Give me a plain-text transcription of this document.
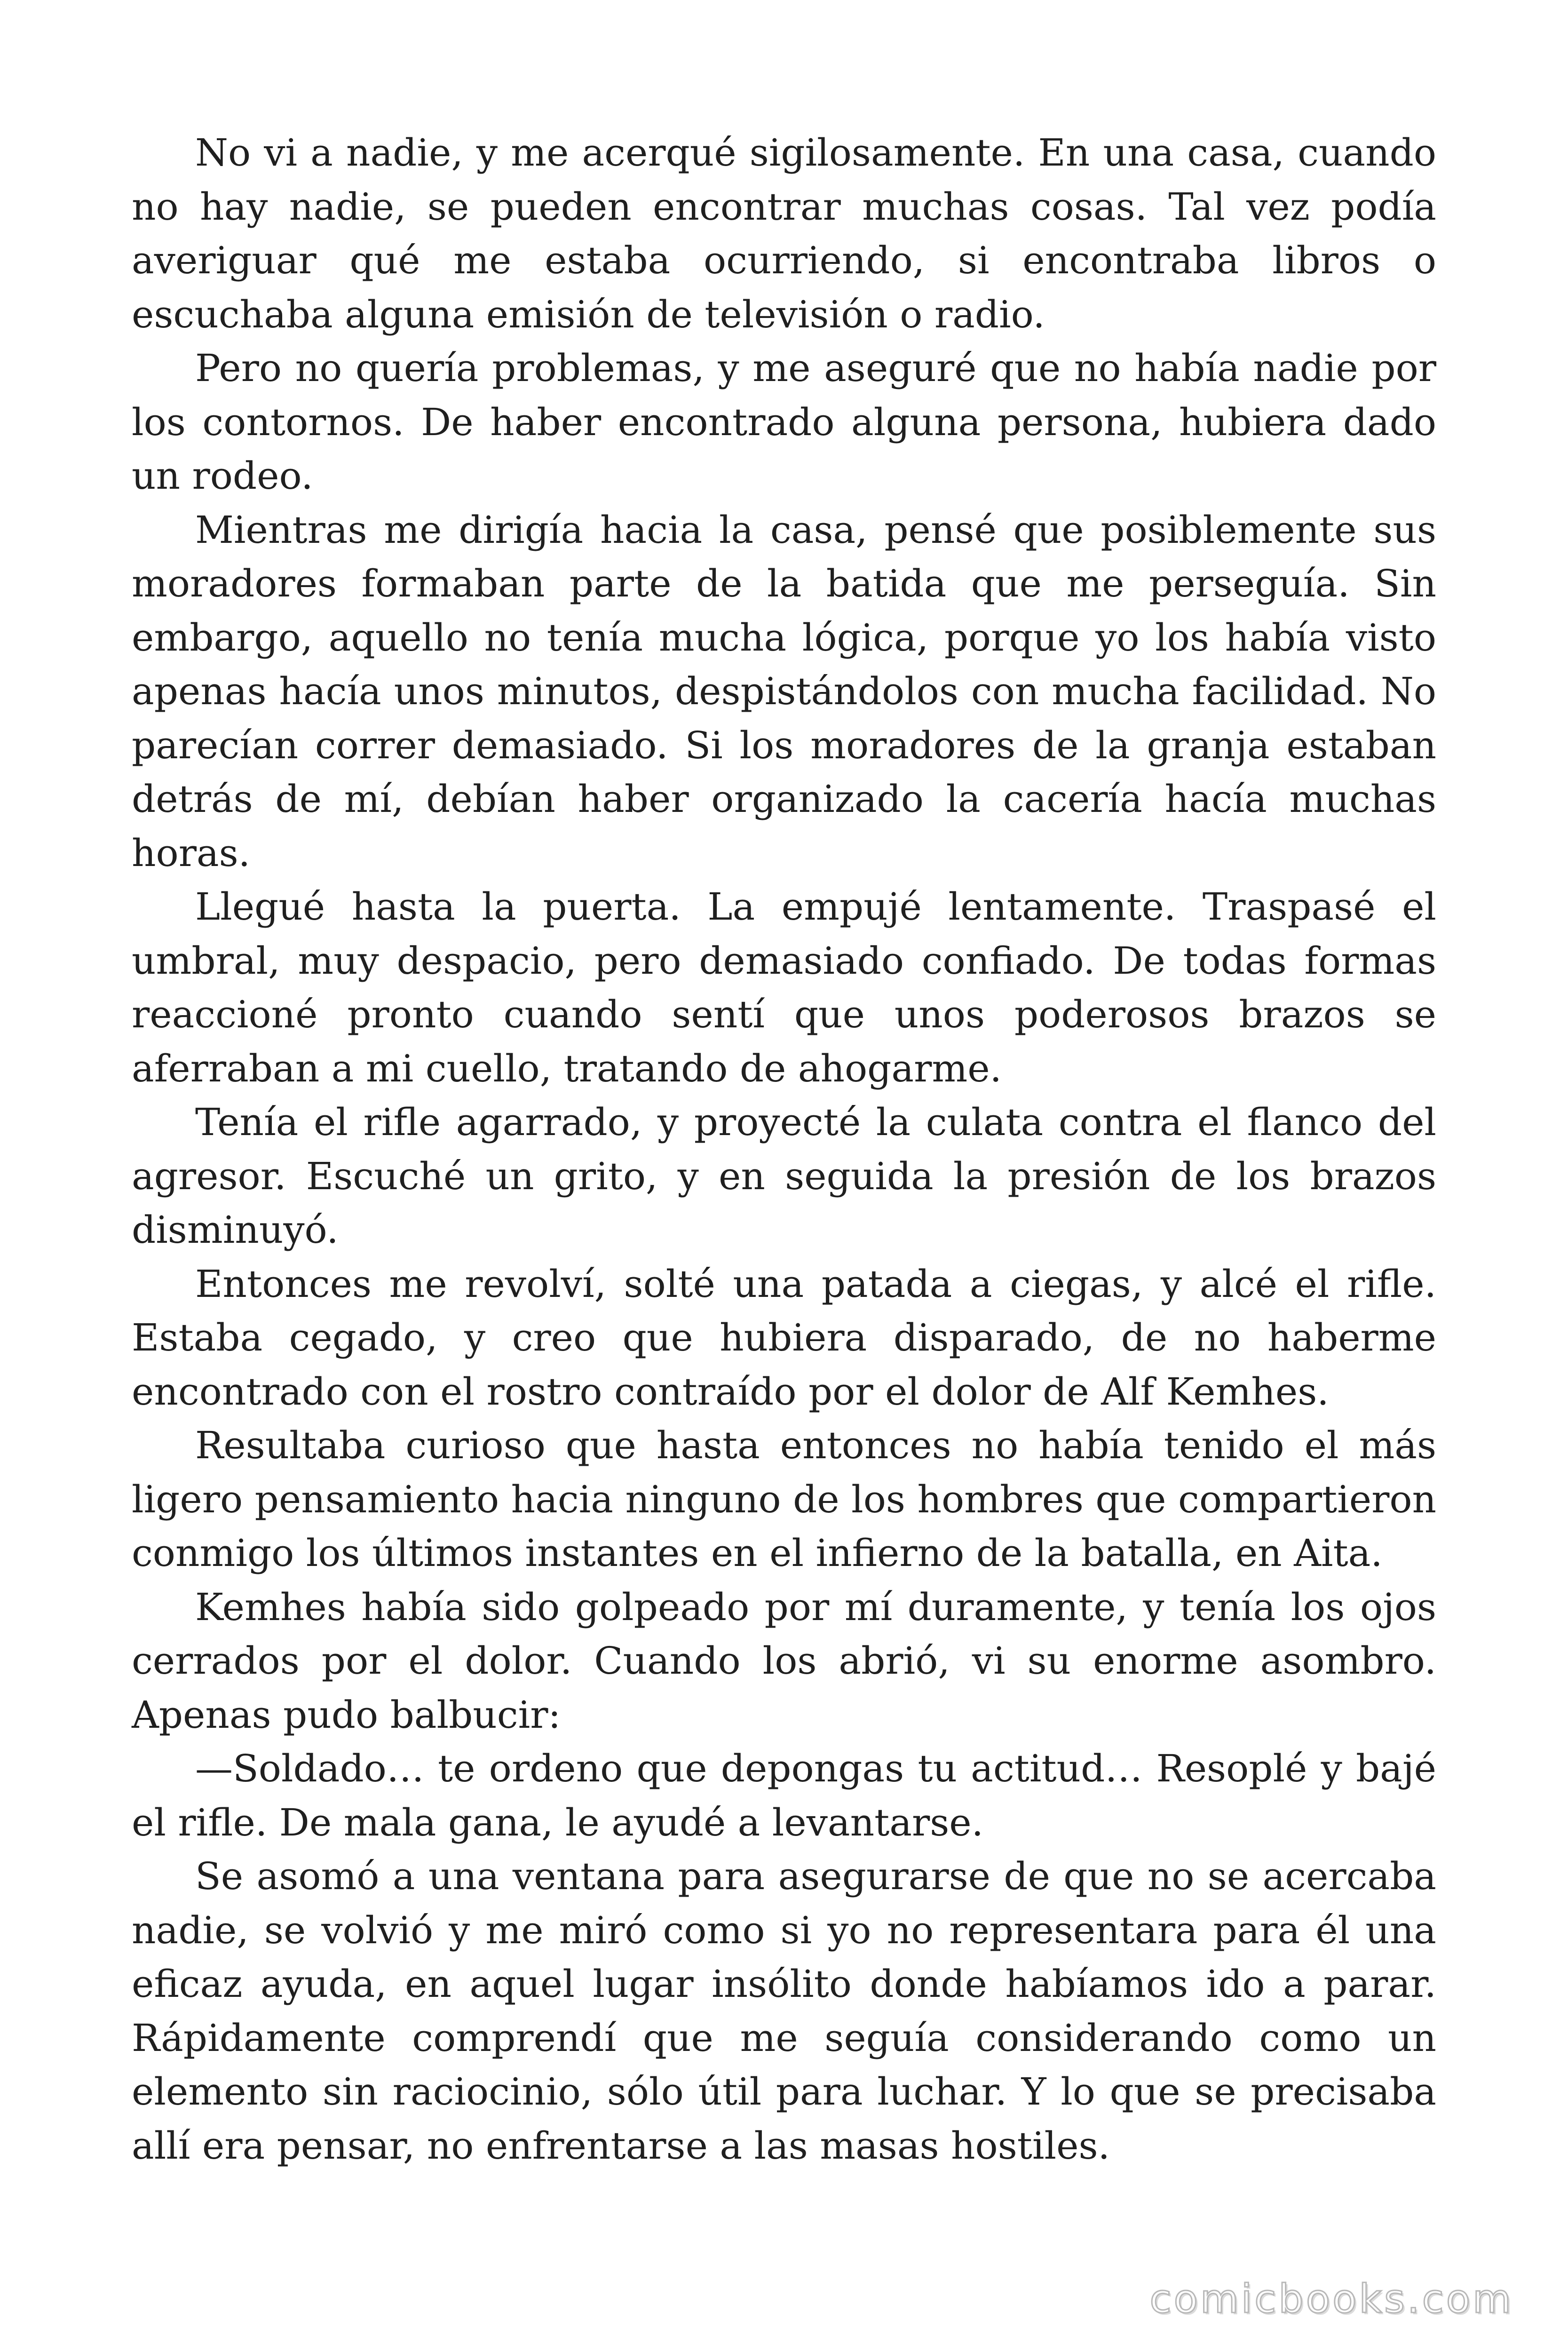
No vi a nadie, y me acerqué sigilosamente. En una casa, cuando no hay nadie, se pueden encontrar muchas cosas. Tal vez podía averiguar qué me estaba ocurriendo, si encontraba libros o escuchaba alguna emisión de televisión o radio.

Pero no quería problemas, y me aseguré que no había nadie por los contornos. De haber encontrado alguna persona, hubiera dado un rodeo.

Mientras me dirigía hacia la casa, pensé que posiblemente sus moradores formaban parte de la batida que me perseguía. Sin embargo, aquello no tenía mucha lógica, porque yo los había visto apenas hacía unos minutos, despistándolos con mucha facilidad. No parecían correr demasiado. Si los moradores de la granja estaban detrás de mí, debían haber organizado la cacería hacía muchas horas.

Llegué hasta la puerta. La empujé lentamente. Traspasé el umbral, muy despacio, pero demasiado confiado. De todas formas reaccioné pronto cuando sentí que unos poderosos brazos se aferraban a mi cuello, tratando de ahogarme.

Tenía el rifle agarrado, y proyecté la culata contra el flanco del agresor. Escuché un grito, y en seguida la presión de los brazos disminuyó.

Entonces me revolví, solté una patada a ciegas, y alcé el rifle. Estaba cegado, y creo que hubiera disparado, de no haberme encontrado con el rostro contraído por el dolor de Alf Kemhes.

Resultaba curioso que hasta entonces no había tenido el más ligero pensamiento hacia ninguno de los hombres que compartieron conmigo los últimos instantes en el infierno de la batalla, en Aita.

Kemhes había sido golpeado por mí duramente, y tenía los ojos cerrados por el dolor. Cuando los abrió, vi su enorme asombro. Apenas pudo balbucir:

—Soldado… te ordeno que depongas tu actitud… Resoplé y bajé el rifle. De mala gana, le ayudé a levantarse.

Se asomó a una ventana para asegurarse de que no se acercaba nadie, se volvió y me miró como si yo no representara para él una eficaz ayuda, en aquel lugar insólito donde habíamos ido a parar. Rápidamente comprendí que me seguía considerando como un elemento sin raciocinio, sólo útil para luchar. Y lo que se precisaba allí era pensar, no enfrentarse a las masas hostiles.

comicbooks.com
